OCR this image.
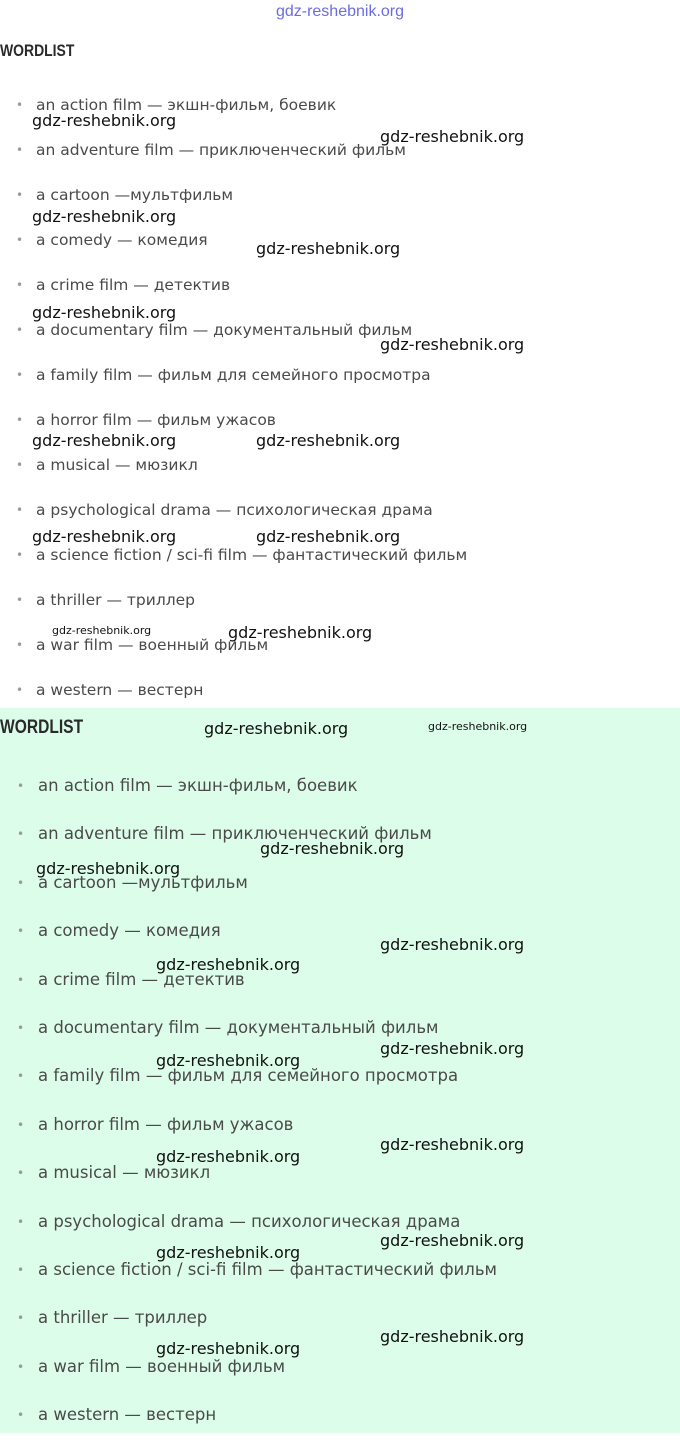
gdz-reshebnik.org
WORDLIST
• an action film — экшн-фильм, боевик
• an adventure film — приключенческий фильм
• a cartoon —мультфильм
• a comedy — комедия
• a crime film — детектив
• a documentary film — документальный фильм
• a family film — фильм для семейного просмотра
• a horror film — фильм ужасов
• a musical — мюзикл
• a psychological drama — психологическая драма
• a science fiction / sci-fi film — фантастический фильм
• a thriller — триллер
• a war film — военный фильм
• a western — вестерн
WORDLIST
• an action film — экшн-фильм, боевик
• an adventure film — приключенческий фильм
• a cartoon —мультфильм
• a comedy — комедия
• a crime film — детектив
• a documentary film — документальный фильм
• a family film — фильм для семейного просмотра
• a horror film — фильм ужасов
• a musical — мюзикл
• a psychological drama — психологическая драма
• a science fiction / sci-fi film — фантастический фильм
• a thriller — триллер
• a war film — военный фильм
• a western — вестерн
gdz-reshebnik.org
gdz-reshebnik.org
gdz-reshebnik.org
gdz-reshebnik.org
gdz-reshebnik.org
gdz-reshebnik.org
gdz-reshebnik.org	gdz-reshebnik.org
gdz-reshebnik.org	gdz-reshebnik.org
gdz-reshebnik.org	gdz-reshebnik.org
gdz-reshebnik.org	gdz-reshebnik.org
gdz-reshebnik.org
gdz-reshebnik.org
gdz-reshebnik.org
gdz-reshebnik.org
gdz-reshebnik.org
gdz-reshebnik.org
gdz-reshebnik.org
gdz-reshebnik.org
gdz-reshebnik.org
gdz-reshebnik.org
gdz-reshebnik.org
gdz-reshebnik.org
